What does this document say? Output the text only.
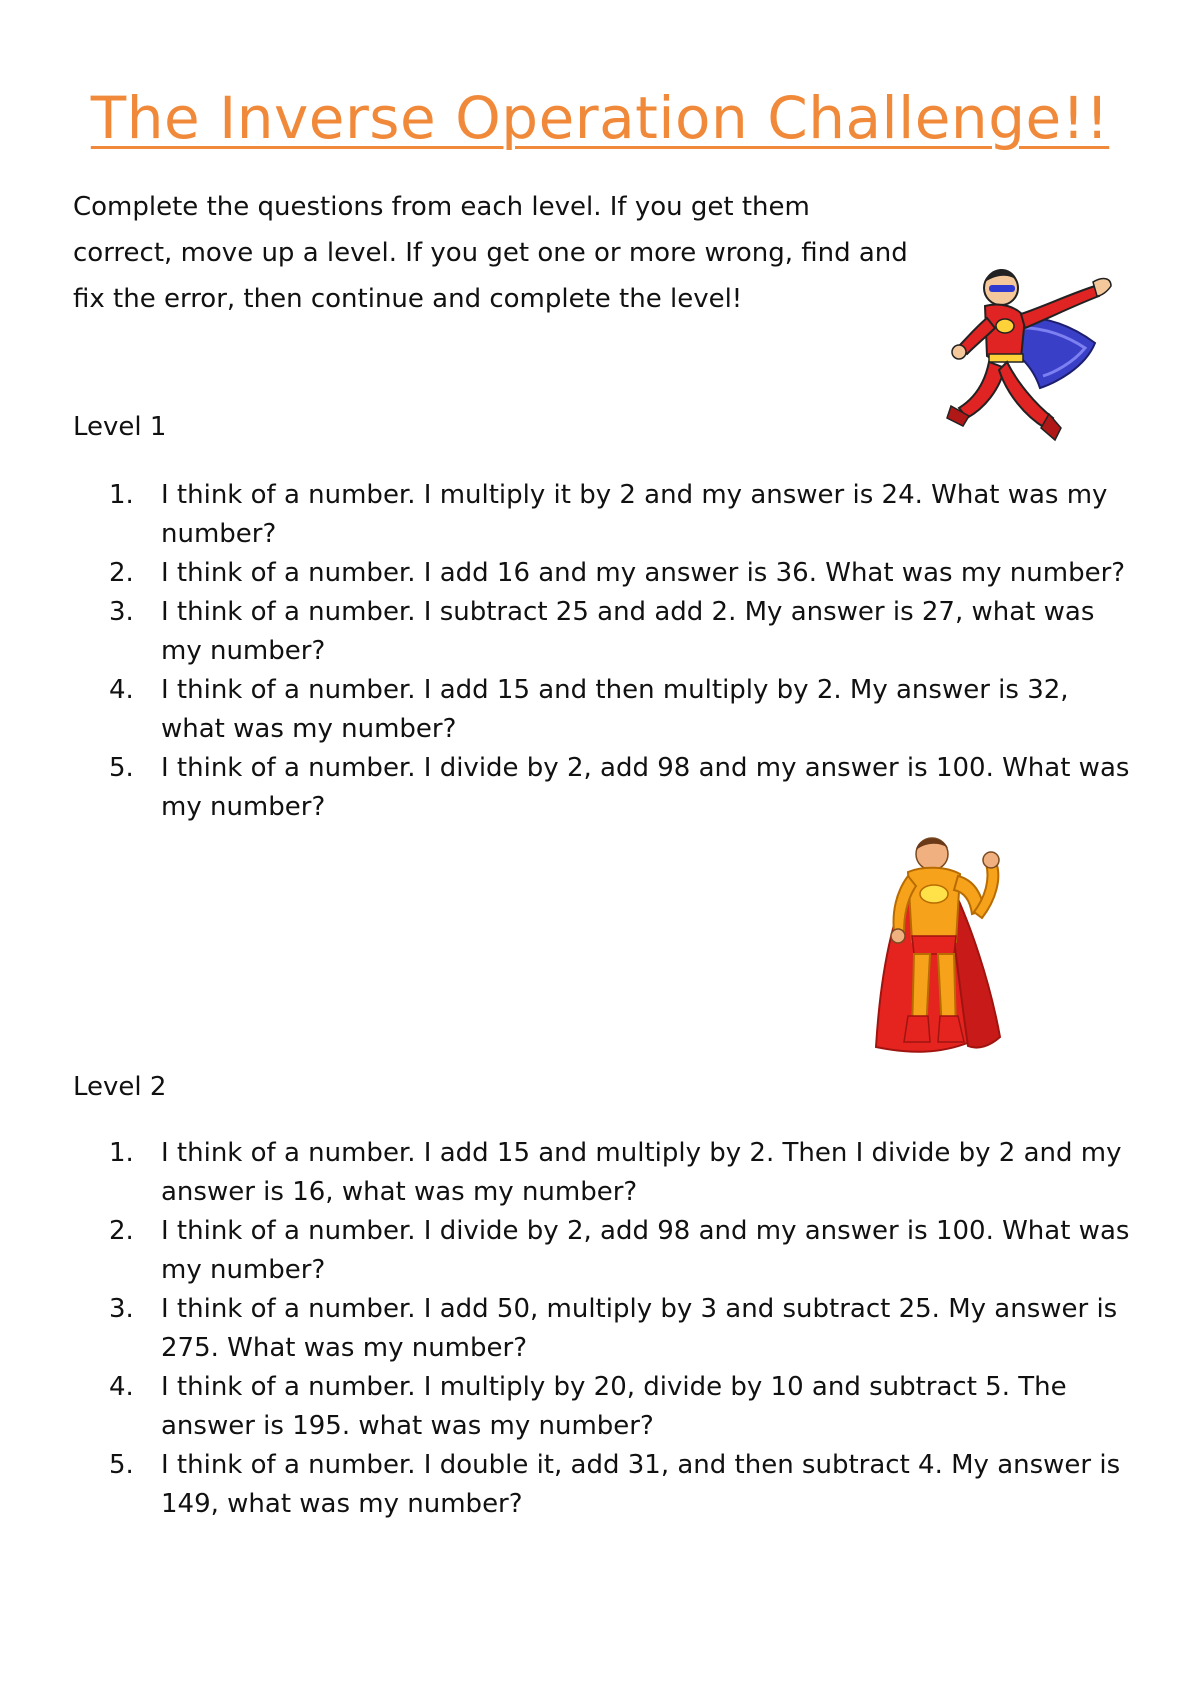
The Inverse Operation Challenge!!

Complete the questions from each level. If you get them correct, move up a level. If you get one or more wrong, find and fix the error, then continue and complete the level!

Level 1
1. I think of a number. I multiply it by 2 and my answer is 24. What was my number?
2. I think of a number. I add 16 and my answer is 36. What was my number?
3. I think of a number. I subtract 25 and add 2. My answer is 27, what was my number?
4. I think of a number. I add 15 and then multiply by 2. My answer is 32, what was my number?
5. I think of a number. I divide by 2, add 98 and my answer is 100. What was my number?
Level 2
1. I think of a number. I add 15 and multiply by 2. Then I divide by 2 and my answer is 16, what was my number?
2. I think of a number. I divide by 2, add 98 and my answer is 100. What was my number?
3. I think of a number. I add 50, multiply by 3 and subtract 25. My answer is 275. What was my number?
4. I think of a number. I multiply by 20, divide by 10 and subtract 5. The answer is 195. what was my number?
5. I think of a number. I double it, add 31, and then subtract 4. My answer is 149, what was my number?
